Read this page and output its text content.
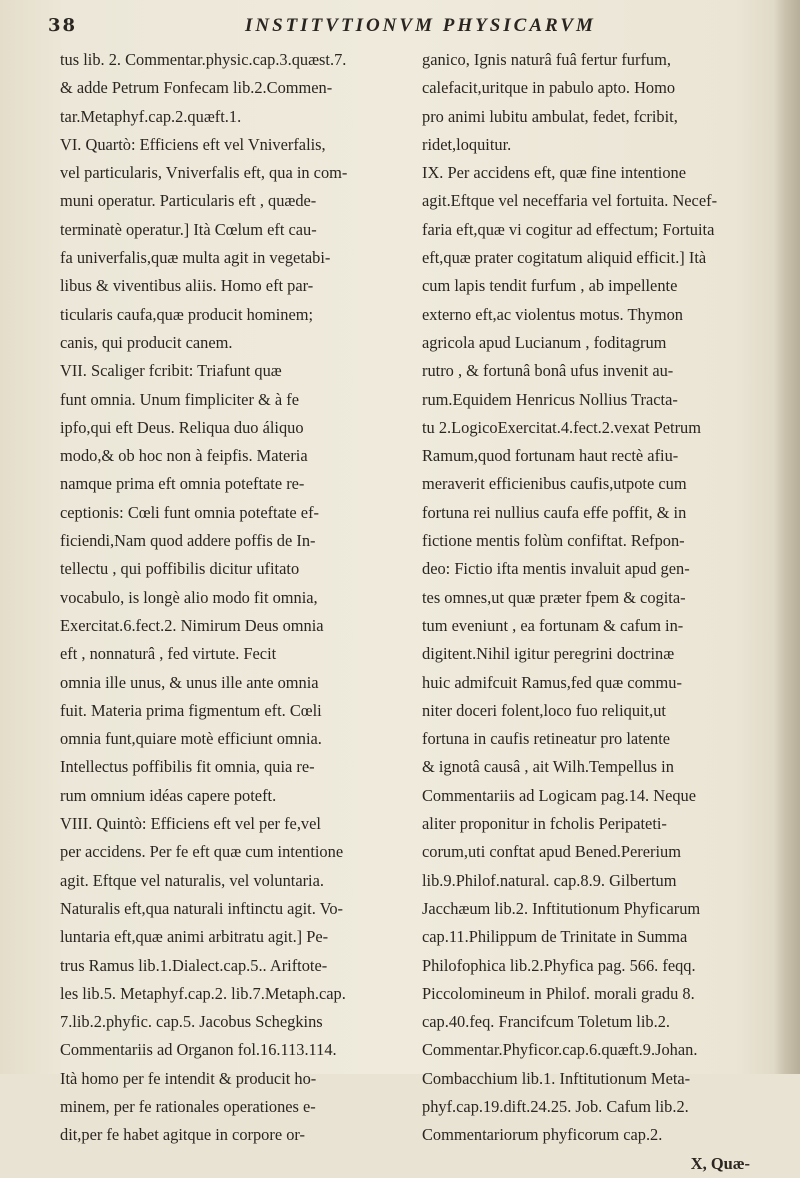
38	INSTITVTIONVM PHYSICARVM
tus lib. 2. Commentar.physic.cap.3.quæst.7.
& adde Petrum Fonfecam lib.2.Commen-
tar.Metaphyf.cap.2.quæft.1.
VI. Quartò: Efficiens eft vel Vniverfalis,
vel particularis, Vniverfalis eft, qua in com-
muni operatur. Particularis eft , quæde-
terminatè operatur.] Ità Cœlum eft cau-
fa univerfalis,quæ multa agit in vegetabi-
libus & viventibus aliis. Homo eft par-
ticularis caufa,quæ producit hominem;
canis, qui producit canem.
VII. Scaliger fcribit: Triafunt quæ
funt omnia. Unum fimpliciter & à fe
ipfo,qui eft Deus. Reliqua duo áliquo
modo,& ob hoc non à feipfis. Materia
namque prima eft omnia poteftate re-
ceptionis: Cœli funt omnia poteftate ef-
ficiendi,Nam quod addere poffis de In-
tellectu , qui poffibilis dicitur ufitato
vocabulo, is longè alio modo fit omnia,
Exercitat.6.fect.2. Nimirum Deus omnia
eft , nonnaturâ , fed virtute. Fecit
omnia ille unus, & unus ille ante omnia
fuit. Materia prima figmentum eft. Cœli
omnia funt,quiare motè efficiunt omnia.
Intellectus poffibilis fit omnia, quia re-
rum omnium idéas capere poteft.
VIII. Quintò: Efficiens eft vel per fe,vel
per accidens. Per fe eft quæ cum intentione
agit. Eftque vel naturalis, vel voluntaria.
Naturalis eft,qua naturali inftinctu agit. Vo-
luntaria eft,quæ animi arbitratu agit.] Pe-
trus Ramus lib.1.Dialect.cap.5.. Ariftote-
les lib.5. Metaphyf.cap.2. lib.7.Metaph.cap.
7.lib.2.phyfic. cap.5. Jacobus Schegkins
Commentariis ad Organon fol.16.113.114.
Ità homo per fe intendit & producit ho-
minem, per fe rationales operationes e-
dit,per fe habet agitque in corpore or-
ganico, Ignis naturâ fuâ fertur furfum,
calefacit,uritque in pabulo apto. Homo
pro animi lubitu ambulat, fedet, fcribit,
ridet,loquitur.
IX. Per accidens eft, quæ fine intentione
agit.Eftque vel neceffaria vel fortuita. Necef-
faria eft,quæ vi cogitur ad effectum; Fortuita
eft,quæ prater cogitatum aliquid efficit.] Ità
cum lapis tendit furfum , ab impellente
externo eft,ac violentus motus. Thymon
agricola apud Lucianum , foditagrum
rutro , & fortunâ bonâ ufus invenit au-
rum.Equidem Henricus Nollius Tracta-
tu 2.LogicoExercitat.4.fect.2.vexat Petrum
Ramum,quod fortunam haut rectè afiu-
meraverit efficienibus caufis,utpote cum
fortuna rei nullius caufa effe poffit, & in
fictione mentis folùm confiftat. Refpon-
deo: Fictio ifta mentis invaluit apud gen-
tes omnes,ut quæ præter fpem & cogita-
tum eveniunt , ea fortunam & cafum in-
digitent.Nihil igitur peregrini doctrinæ
huic admifcuit Ramus,fed quæ commu-
niter doceri folent,loco fuo reliquit,ut
fortuna in caufis retineatur pro latente
& ignotâ causâ , ait Wilh.Tempellus in
Commentariis ad Logicam pag.14. Neque
aliter proponitur in fcholis Peripateti-
corum,uti conftat apud Bened.Pererium
lib.9.Philof.natural. cap.8.9. Gilbertum
Jacchæum lib.2. Inftitutionum Phyficarum
cap.11.Philippum de Trinitate in Summa
Philofophica lib.2.Phyfica pag. 566. feqq.
Piccolomineum in Philof. morali gradu 8.
cap.40.feq. Francifcum Toletum lib.2.
Commentar.Phyficor.cap.6.quæft.9.Johan.
Combacchium lib.1. Inftitutionum Meta-
phyf.cap.19.dift.24.25. Job. Cafum lib.2.
Commentariorum phyficorum cap.2.
X, Quæ-
